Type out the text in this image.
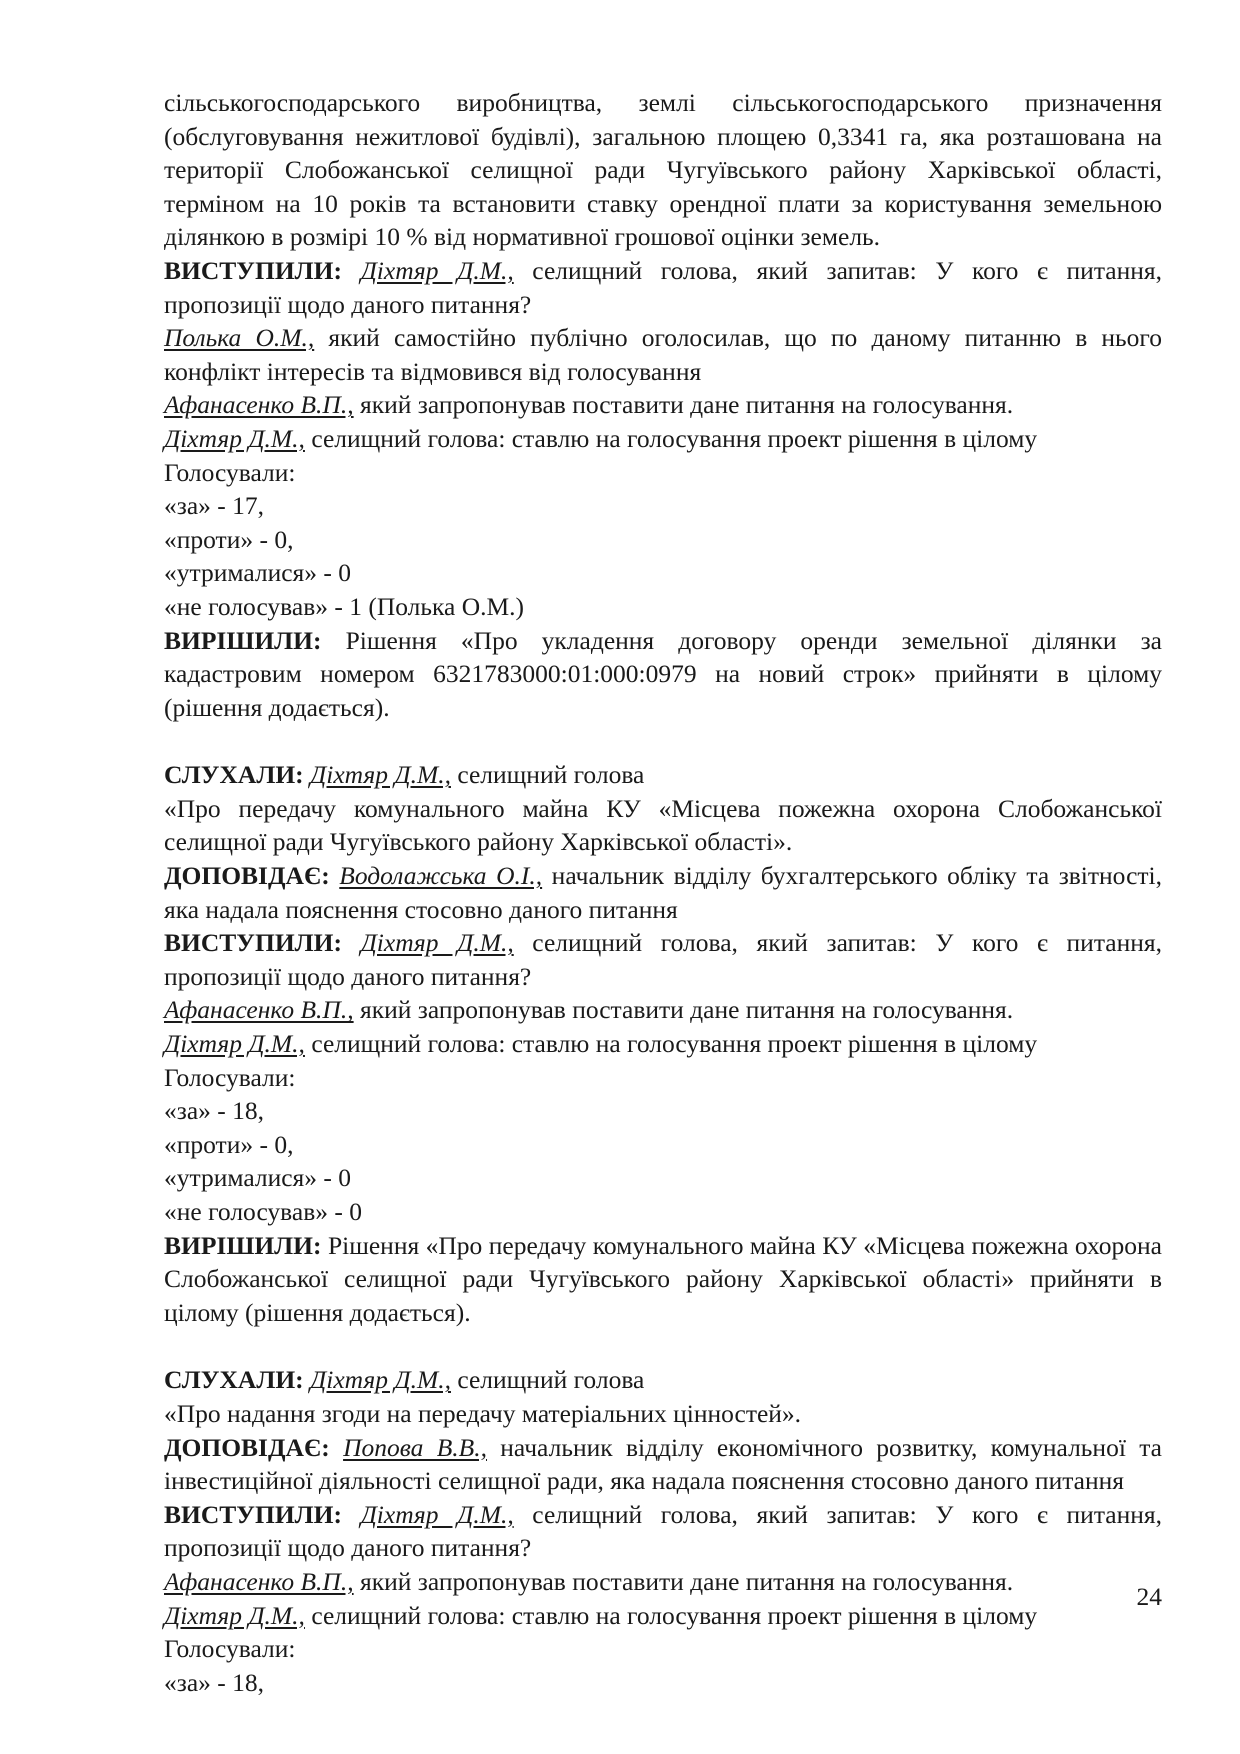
сільськогосподарського виробництва, землі сільськогосподарського призначення (обслуговування нежитлової будівлі), загальною площею 0,3341 га, яка розташована на території Слобожанської селищної ради Чугуївського району Харківської області, терміном на 10 років та встановити ставку орендної плати за користування земельною ділянкою в розмірі 10 % від нормативної грошової оцінки земель.

ВИСТУПИЛИ: Діхтяр Д.М., селищний голова, який запитав: У кого є питання, пропозиції щодо даного питання?

Полька О.М., який самостійно публічно оголосилав, що по даному питанню в нього конфлікт інтересів та відмовився від голосування

Афанасенко В.П., який запропонував поставити дане питання на голосування.

Діхтяр Д.М., селищний голова: ставлю на голосування проект рішення в цілому

Голосували:

«за» - 17,

«проти» - 0,

«утрималися» - 0

«не голосував» - 1 (Полька О.М.)

ВИРІШИЛИ: Рішення «Про укладення договору оренди земельної ділянки за кадастровим номером 6321783000:01:000:0979 на новий строк» прийняти в цілому (рішення додається).

СЛУХАЛИ: Діхтяр Д.М., селищний голова

«Про передачу комунального майна КУ «Місцева пожежна охорона Слобожанської селищної ради Чугуївського району Харківської області».

ДОПОВІДАЄ: Водолажська О.І., начальник відділу бухгалтерського обліку та звітності, яка надала пояснення стосовно даного питання

ВИСТУПИЛИ: Діхтяр Д.М., селищний голова, який запитав: У кого є питання, пропозиції щодо даного питання?

Афанасенко В.П., який запропонував поставити дане питання на голосування.

Діхтяр Д.М., селищний голова: ставлю на голосування проект рішення в цілому

Голосували:

«за» - 18,

«проти» - 0,

«утрималися» - 0

«не голосував» - 0

ВИРІШИЛИ: Рішення «Про передачу комунального майна КУ «Місцева пожежна охорона Слобожанської селищної ради Чугуївського району Харківської області» прийняти в цілому (рішення додається).

СЛУХАЛИ: Діхтяр Д.М., селищний голова

«Про надання згоди на передачу матеріальних цінностей».

ДОПОВІДАЄ: Попова В.В., начальник відділу економічного розвитку, комунальної та інвестиційної діяльності селищної ради, яка надала пояснення стосовно даного питання

ВИСТУПИЛИ: Діхтяр Д.М., селищний голова, який запитав: У кого є питання, пропозиції щодо даного питання?

Афанасенко В.П., який запропонував поставити дане питання на голосування.

Діхтяр Д.М., селищний голова: ставлю на голосування проект рішення в цілому

Голосували:

«за» - 18,

24
